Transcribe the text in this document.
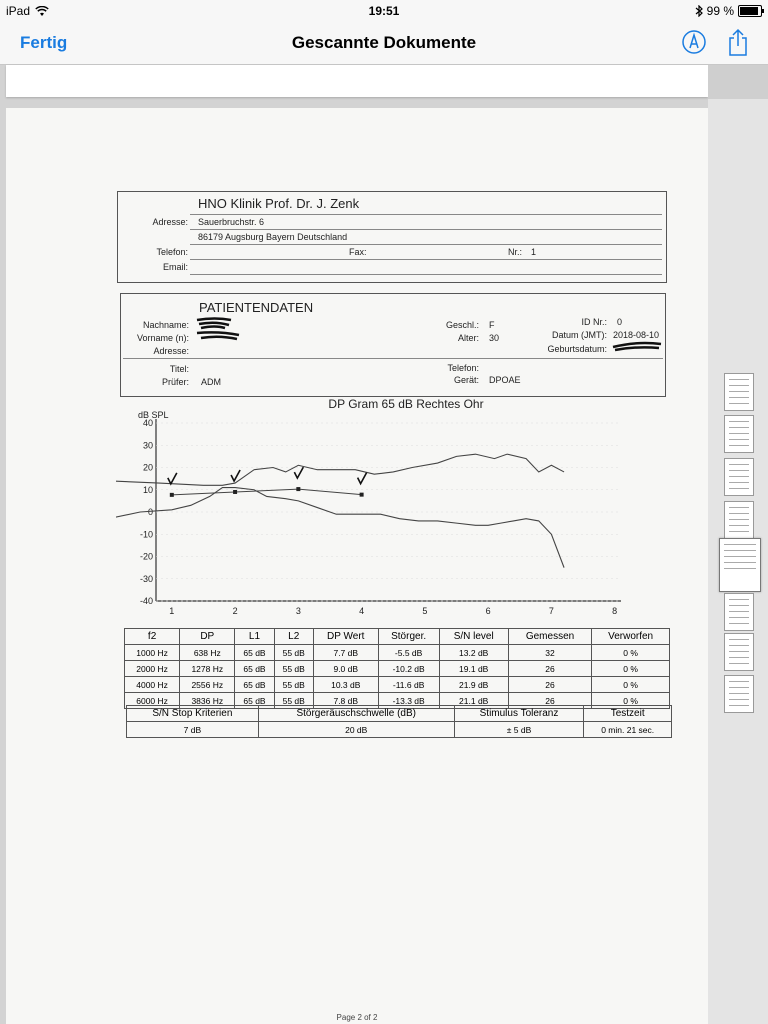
iPad	19:51	99 %
Fertig	Gescannte Dokumente
HNO Klinik Prof. Dr. J. Zenk
Adresse: Sauerbruchstr. 6
86179 Augsburg Bayern Deutschland
Telefon:	Fax:	Nr.: 1
Email:
PATIENTENDATEN
Nachname:
Vorname (n):
Adresse:
Geschl.: F
Alter: 30
ID Nr.: 0
Datum (JMT): 2018-08-10
Geburtsdatum:
Titel:	Telefon:
Prüfer: ADM	Gerät: DPOAE
DP Gram 65 dB Rechtes Ohr
dB SPL
40
30
20
10
0
-10
-20
-30
-40
1	2	3	4	5	6	7	8
f2	DP	L1	L2	DP Wert	Störger.	S/N level	Gemessen	Verworfen
1000 Hz	638 Hz	65 dB	55 dB	7.7 dB	-5.5 dB	13.2 dB	32	0 %
2000 Hz	1278 Hz	65 dB	55 dB	9.0 dB	-10.2 dB	19.1 dB	26	0 %
4000 Hz	2556 Hz	65 dB	55 dB	10.3 dB	-11.6 dB	21.9 dB	26	0 %
6000 Hz	3836 Hz	65 dB	55 dB	7.8 dB	-13.3 dB	21.1 dB	26	0 %
S/N Stop Kriterien	Störgeräuschschwelle (dB)	Stimulus Toleranz	Testzeit
7 dB	20 dB	± 5 dB	0 min. 21 sec.
Page 2 of 2
